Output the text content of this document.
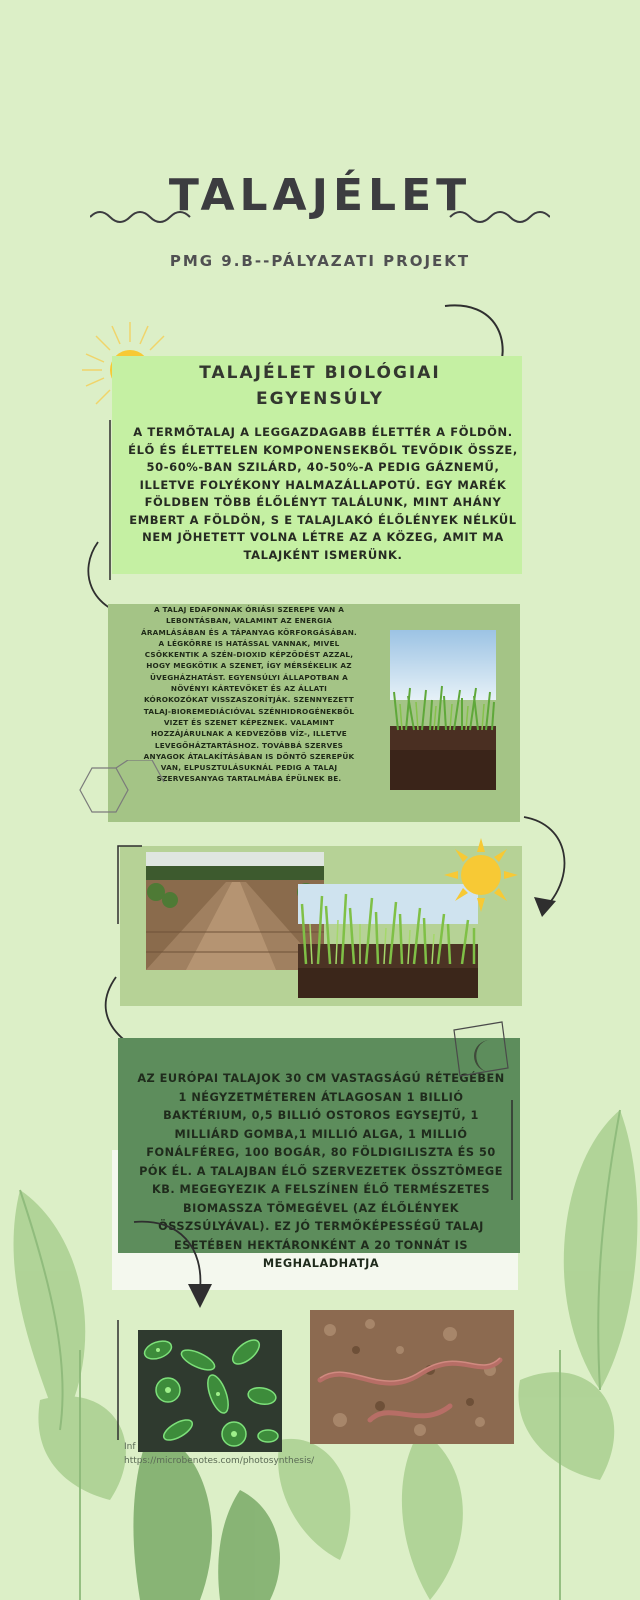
TALAJÉLET
PMG 9.B--PÁLYAZATI PROJEKT
TALAJÉLET BIOLÓGIAI EGYENSÚLY
A TERMŐTALAJ A LEGGAZDAGABB ÉLETTÉR A FÖLDÖN. ÉLŐ ÉS ÉLETTELEN KOMPONENSEKBŐL TEVŐDIK ÖSSZE, 50-60%-BAN SZILÁRD, 40-50%-A PEDIG GÁZNEMŰ, ILLETVE FOLYÉKONY HALMAZÁLLAPOTÚ. EGY MARÉK FÖLDBEN TÖBB ÉLŐLÉNYT TALÁLUNK, MINT AHÁNY EMBERT A FÖLDÖN, S E TALAJLAKÓ ÉLŐLÉNYEK NÉLKÜL NEM JÖHETETT VOLNA LÉTRE AZ A KÖZEG, AMIT MA TALAJKÉNT ISMERÜNK.
A TALAJ EDAFONNAK ÓRIÁSI SZEREPE VAN A LEBONTÁSBAN, VALAMINT AZ ENERGIA ÁRAMLÁSÁBAN ÉS A TÁPANYAG KÖRFORGÁSÁBAN. A LÉGKÖRRE IS HATÁSSAL VANNAK, MIVEL CSÖKKENTIK A SZÉN-DIOXID KÉPZŐDÉST AZZAL, HOGY MEGKÖTIK A SZENET, ÍGY MÉRSÉKELIK AZ ÜVEGHÁZHATÁST. EGYENSÚLYI ÁLLAPOTBAN A NÖVÉNYI KÁRTEVŐKET ÉS AZ ÁLLATI KÓROKOZÓKAT VISSZASZORÍTJÁK. SZENNYEZETT TALAJ-BIOREMEDIÁCIÓVAL SZÉNHIDROGÉNEKBŐL VIZET ÉS SZENET KÉPEZNEK. VALAMINT HOZZÁJÁRULNAK A KEDVEZŐBB VÍZ-, ILLETVE LEVEGŐHÁZTARTÁSHOZ. TOVÁBBÁ SZERVES ANYAGOK ÁTALAKÍTÁSÁBAN IS DÖNTŐ SZEREPÜK VAN, ELPUSZTULÁSUKNÁL PEDIG A TALAJ SZERVESANYAG TARTALMÁBA ÉPÜLNEK BE.
AZ EURÓPAI TALAJOK 30 CM VASTAGSÁGÚ RÉTEGÉBEN 1 NÉGYZETMÉTEREN ÁTLAGOSAN 1 BILLIÓ BAKTÉRIUM, 0,5 BILLIÓ OSTOROS EGYSEJTŰ, 1 MILLIÁRD GOMBA,1 MILLIÓ ALGA, 1 MILLIÓ FONÁLFÉREG, 100 BOGÁR, 80 FÖLDIGILISZTA ÉS 50 PÓK ÉL. A TALAJBAN ÉLŐ SZERVEZETEK ÖSSZTÖMEGE KB. MEGEGYEZIK A FELSZÍNEN ÉLŐ TERMÉSZETES BIOMASSZA TÖMEGÉVEL (AZ ÉLŐLÉNYEK ÖSSZSÚLYÁVAL). EZ JÓ TERMŐKÉPESSÉGŰ TALAJ ESETÉBEN HEKTÁRONKÉNT A 20 TONNÁT IS MEGHALADHATJA
Inf
https://microbenotes.com/photosynthesis/
